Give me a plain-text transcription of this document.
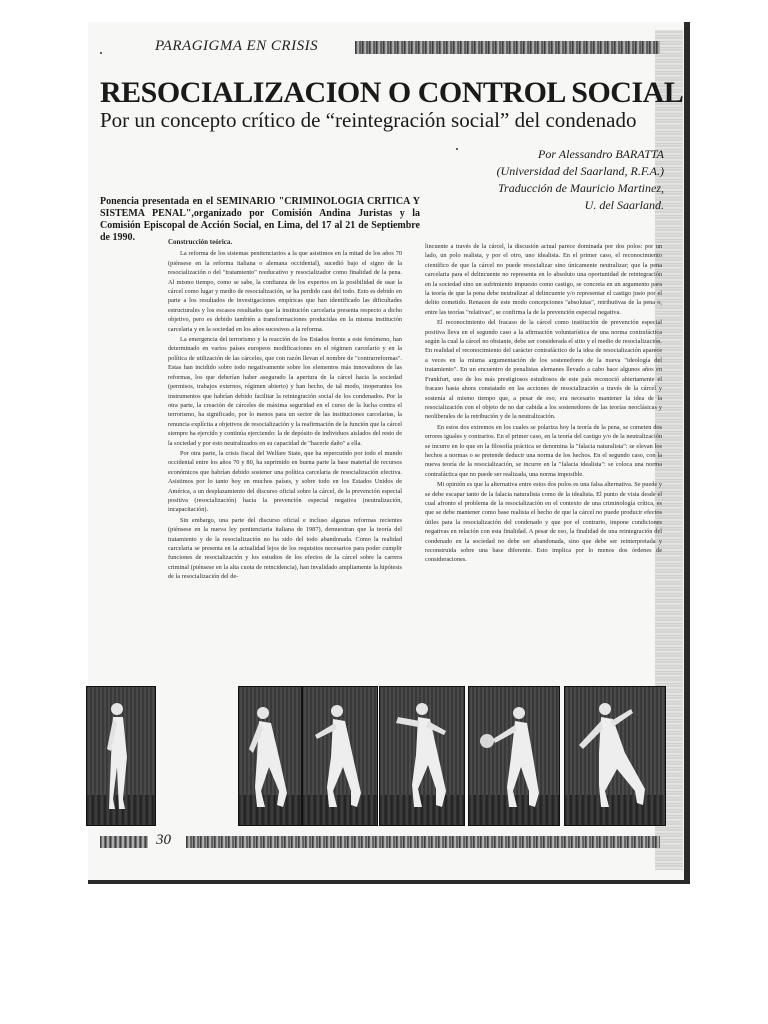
PARAGIGMA EN CRISIS
RESOCIALIZACION O CONTROL SOCIAL
Por un concepto crítico de “reintegración social” del condenado
Por Alessandro BARATTA
(Universidad del Saarland, R.F.A.)
Traducción de Mauricio Martinez,
U. del Saarland.
Ponencia presentada en el SEMINARIO "CRIMINOLOGIA CRITICA Y SISTEMA PENAL",organizado por Comisión Andina Juristas y la Comisión Episcopal de Acción Social, en Lima, del 17 al 21 de Septiembre de 1990.	Construcción teórica.

La reforma de los sistemas penitenciarios a la que asistimos en la mitad de los años 70 (piénsese en la reforma italiana o alemana occidental), sucedió bajo el signo de la resocialización o del "tratamiento" reeducativo y resocializador como finalidad de la pena. Al mismo tiempo, como se sabe, la confianza de los expertos en la posibilidad de usar la cárcel como lugar y medio de resocialización, se ha perdido casi del todo. Esto es debido en parte a los resultados de investigaciones empíricas que han identificado las dificultades estructurales y los escasos resultados que la institución carcelaria presenta respecto a dicho objetivo, pero es debido también a transformaciones producidas en la misma institución carcelaria y en la sociedad en los años sucesivos a la reforma.

La emergencia del terrorismo y la reacción de los Estados frente a este fenómeno, han determinado en varios países europeos modificaciones en el régimen carcelario y en la política de utilización de las cárceles, que con razón llevan el nombre de "contrarreformas". Estas han incidido sobre todo negativamente sobre los elementos más innovadores de las reformas, los que deberían haber asegurado la apertura de la cárcel hacia la sociedad (permisos, trabajos externos, régimen abierto) y han hecho, de tal modo, inoperantes los instrumentos que habrían debido facilitar la reintegración social de los condenados. Por la otra parte, la creación de cárceles de máxima seguridad en el curso de la lucha contra el terrorismo, ha significado, por lo menos para un sector de las instituciones carcelarias, la renuncia explícita a objetivos de resocialización y la reafirmación de la función que la cárcel siempre ha ejercido y continúa ejerciendo: la de depósito de individuos aislados del resto de la sociedad y por esto neutralizados en su capacidad de "hacerle daño" a ella.

Por otra parte, la crisis fiscal del Welfare State, que ha repercutido por todo el mundo occidental entre los años 70 y 80, ha suprimido en buena parte la base material de recursos económicos que habrían debido sostener una política carcelaria de resocialización efectiva. Asistimos por lo tanto hoy en muchos países, y sobre todo en los Estados Unidos de América, a un desplazamiento del discurso oficial sobre la cárcel, de la prevención especial positiva (resocialización) hacia la prevención especial negativa (neutralización, incapacitación).

Sin embargo, una parte del discurso oficial e incluso algunas reformas recientes (piénsese en la nueva ley penitenciaria italiana de 1987), demuestran que la teoría del tratamiento y de la resocialización no ha sido del todo abandonada. Como la realidad carcelaria se presenta en la actualidad lejos de los requisitos necesarios para poder cumplir funciones de resocialización y los estudios de los efectos de la cárcel sobre la carrera criminal (piénsese en la alta cuota de reincidencia), han invalidado ampliamente la hipótesis de la resocialización del de-

lincuente a través de la cárcel, la discusión actual parece dominada por dos polos: por un lado, un polo realista, y por el otro, uno idealista. En el primer caso, el reconocimiento científico de que la cárcel no puede resocializar sino únicamente neutralizar; que la pena carcelaria para el delincuente no representa en lo absoluto una oportunidad de reintegración en la sociedad sino un sufrimiento impuesto como castigo, se concreta en un argumento para la teoría de que la pena debe neutralizar al delincuente y/o representar el castigo justo por el delito cometido. Renacen de este modo concepciones "absolutas", retributivas de la pena o, entre las teorías "relativas", se confirma la de la prevención especial negativa.

El reconocimiento del fracaso de la cárcel como institución de prevención especial positiva lleva en el segundo caso a la afirmación voluntarística de una norma contrafáctica según la cual la cárcel no obstante, debe ser considerada el sitio y el medio de resocialización. En realidad el reconocimiento del carácter contrafáctico de la idea de resocialización aparece a veces en la misma argumentación de los sostenedores de la nueva "ideología del tratamiento". En un encuentro de penalistas alemanes llevado a cabo hace algunos años en Frankfurt, uno de los más prestigiosos estudiosos de este país reconoció abiertamente el fracaso hasta ahora constatado en las acciones de resocialización a través de la cárcel y sostenía al mismo tiempo que, a pesar de eso, era necesario mantener la idea de la resocialización con el objeto de no dar cabida a los sostenedores de las teorías neoclásicas y neoliberales de la retribución y de la neutralización.

En estos dos extremos en los cuales se polariza hoy la teoría de la pena, se cometen dos errores iguales y contrarios. En el primer caso, en la teoría del castigo y/o de la neutralización se incurre en lo que en la filosofía práctica se denomina la "falacia naturalista": se elevan los hechos a normas o se pretende deducir una norma de los hechos. En el segundo caso, con la nueva teoría de la resocialización, se incurre en la "falacia idealista": se coloca una norma contrafáctica que no puede ser realizada, una norma imposible.

Mi opinión es que la alternativa entre estos dos polos es una falsa alternativa. Se puede y se debe escapar tanto de la falacia naturalista como de la idealista. El punto de vista desde el cual afronto el problema de la resocialización en el contexto de una criminología crítica, es que se debe mantener como base realista el hecho de que la cárcel no puede producir efectos útiles para la resocialización del condenado y que por el contrario, impone condiciones negativas en relación con esta finalidad. A pesar de eso, la finalidad de una reintegración del condenado en la sociedad no debe ser abandonada, sino que debe ser reinterpretada y reconstruida sobre una base diferente. Esto implica por lo menos dos órdenes de consideraciones.

30
